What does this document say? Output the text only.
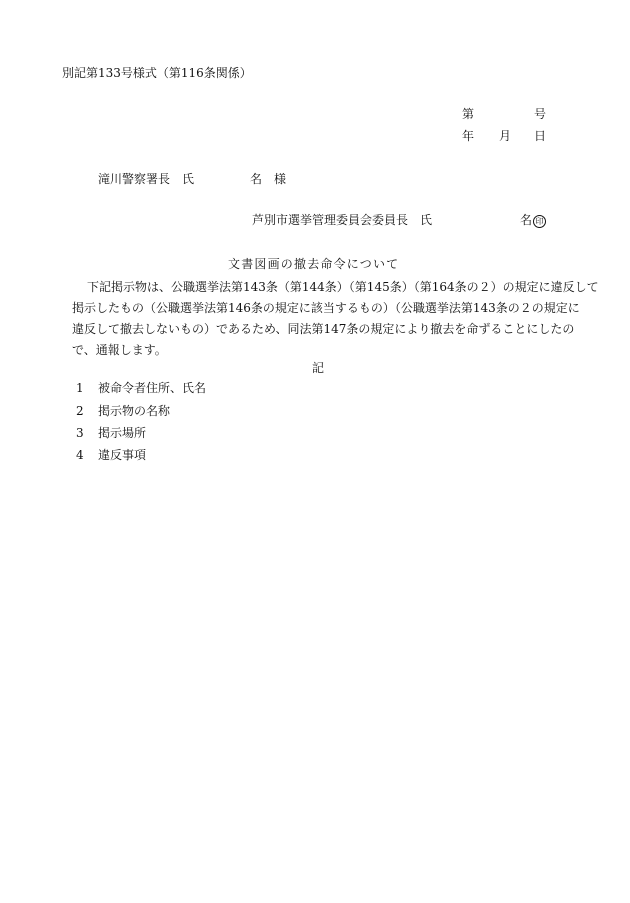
別記第133号様式（第116条関係）
第	号
年 月 日
滝川警察署長　氏	名　様
芦別市選挙管理委員会委員長　氏	名 印
文書図画の撤去命令について
下記掲示物は、公職選挙法第143条（第144条）（第145条）（第164条の２）の規定に違反して
掲示したもの（公職選挙法第146条の規定に該当するもの）（公職選挙法第143条の２の規定に
違反して撤去しないもの）であるため、同法第147条の規定により撤去を命ずることにしたの
で、通報します。
記
1 被命令者住所、氏名
2 掲示物の名称
3 掲示場所
4 違反事項
